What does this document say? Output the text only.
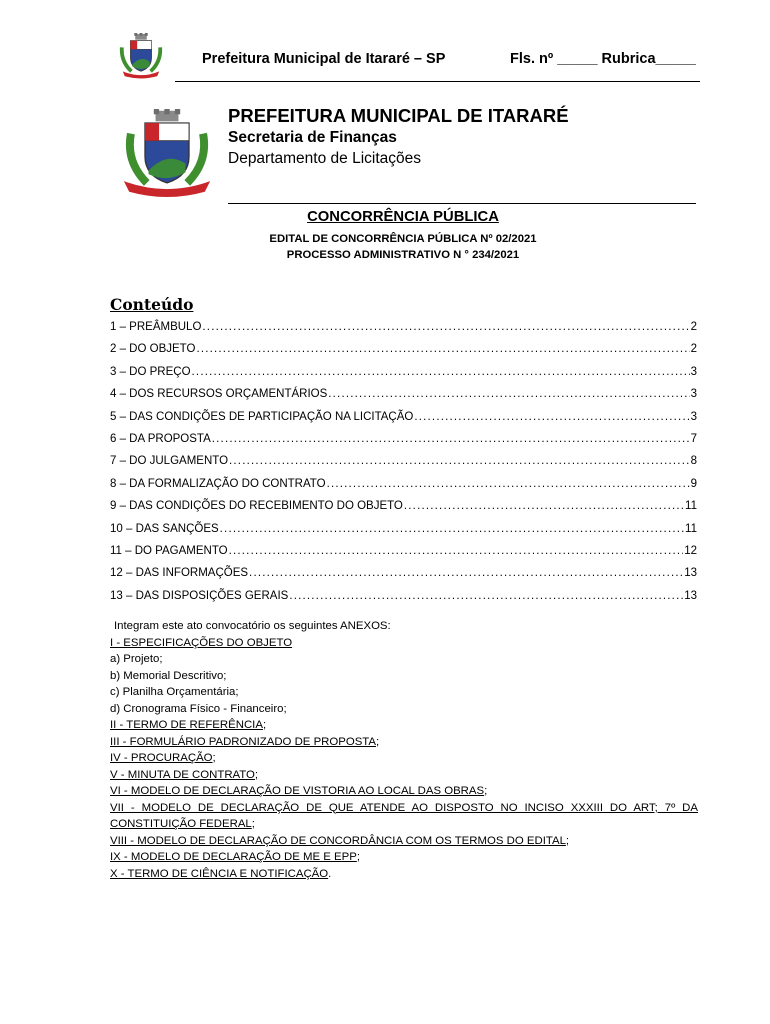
Prefeitura Municipal de Itararé – SP	Fls. nº _____ Rubrica_____
PREFEITURA MUNICIPAL DE ITARARÉ
Secretaria de Finanças
Departamento de Licitações
CONCORRÊNCIA PÚBLICA
EDITAL DE CONCORRÊNCIA PÚBLICA Nº 02/2021
PROCESSO ADMINISTRATIVO N ° 234/2021
Conteúdo
1 – PREÂMBULO .....	2
2 – DO OBJETO .....	2
3 – DO PREÇO .....	3
4 – DOS RECURSOS ORÇAMENTÁRIOS .....	3
5 – DAS CONDIÇÕES DE PARTICIPAÇÃO NA LICITAÇÃO .....	3
6 – DA PROPOSTA .....	7
7 – DO JULGAMENTO .....	8
8 – DA FORMALIZAÇÃO DO CONTRATO .....	9
9 – DAS CONDIÇÕES DO RECEBIMENTO DO OBJETO .....	11
10 – DAS SANÇÕES .....	11
11 – DO PAGAMENTO .....	12
12 – DAS INFORMAÇÕES .....	13
13 – DAS DISPOSIÇÕES GERAIS .....	13
Integram este ato convocatório os seguintes ANEXOS:
I - ESPECIFICAÇÕES DO OBJETO
a) Projeto;
b) Memorial Descritivo;
c) Planilha Orçamentária;
d) Cronograma Físico - Financeiro;
II - TERMO DE REFERÊNCIA;
III - FORMULÁRIO PADRONIZADO DE PROPOSTA;
IV - PROCURAÇÃO;
V - MINUTA DE CONTRATO;
VI - MODELO DE DECLARAÇÃO DE VISTORIA AO LOCAL DAS OBRAS;
VII - MODELO DE DECLARAÇÃO DE QUE ATENDE AO DISPOSTO NO INCISO XXXIII DO ART; 7º DA CONSTITUIÇÃO FEDERAL;
VIII - MODELO DE DECLARAÇÃO DE CONCORDÂNCIA COM OS TERMOS DO EDITAL;
IX - MODELO DE DECLARAÇÃO DE ME E EPP;
X - TERMO DE CIÊNCIA E NOTIFICAÇÃO.
